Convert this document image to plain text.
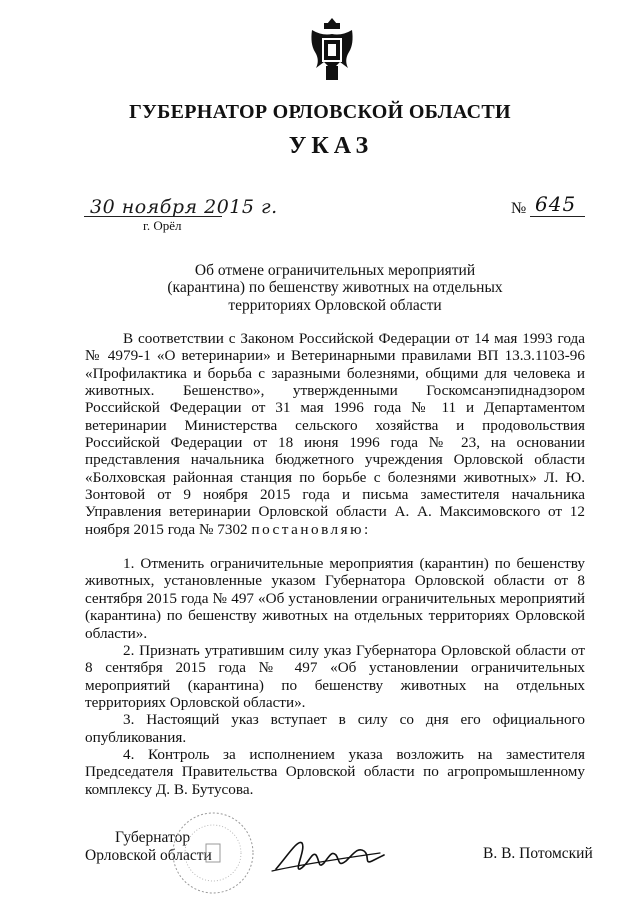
ГУБЕРНАТОР ОРЛОВСКОЙ ОБЛАСТИ
УКАЗ
30 ноября 2015 г.
г. Орёл
№ 645
Об отмене ограничительных мероприятий
(карантина) по бешенству животных на отдельных
территориях Орловской области

В соответствии с Законом Российской Федерации от 14 мая 1993 года № 4979-1 «О ветеринарии» и Ветеринарными правилами ВП 13.3.1103-96 «Профилактика и борьба с заразными болезнями, общими для человека и животных. Бешенство», утвержденными Госкомсанэпиднадзором Российской Федерации от 31 мая 1996 года № 11 и Департаментом ветеринарии Министерства сельского хозяйства и продовольствия Российской Федерации от 18 июня 1996 года № 23, на основании представления начальника бюджетного учреждения Орловской области «Болховская районная станция по борьбе с болезнями животных» Л. Ю. Зонтовой от 9 ноября 2015 года и письма заместителя начальника Управления ветеринарии Орловской области А. А. Максимовского от 12 ноября 2015 года № 7302 постановляю:

1. Отменить ограничительные мероприятия (карантин) по бешенству животных, установленные указом Губернатора Орловской области от 8 сентября 2015 года № 497 «Об установлении ограничительных мероприятий (карантина) по бешенству животных на отдельных территориях Орловской области».

2. Признать утратившим силу указ Губернатора Орловской области от 8 сентября 2015 года № 497 «Об установлении ограничительных мероприятий (карантина) по бешенству животных на отдельных территориях Орловской области».

3. Настоящий указ вступает в силу со дня его официального опубликования.

4. Контроль за исполнением указа возложить на заместителя Председателя Правительства Орловской области по агропромышленному комплексу Д. В. Бутусова.

Губернатор
Орловской области	В. В. Потомский
